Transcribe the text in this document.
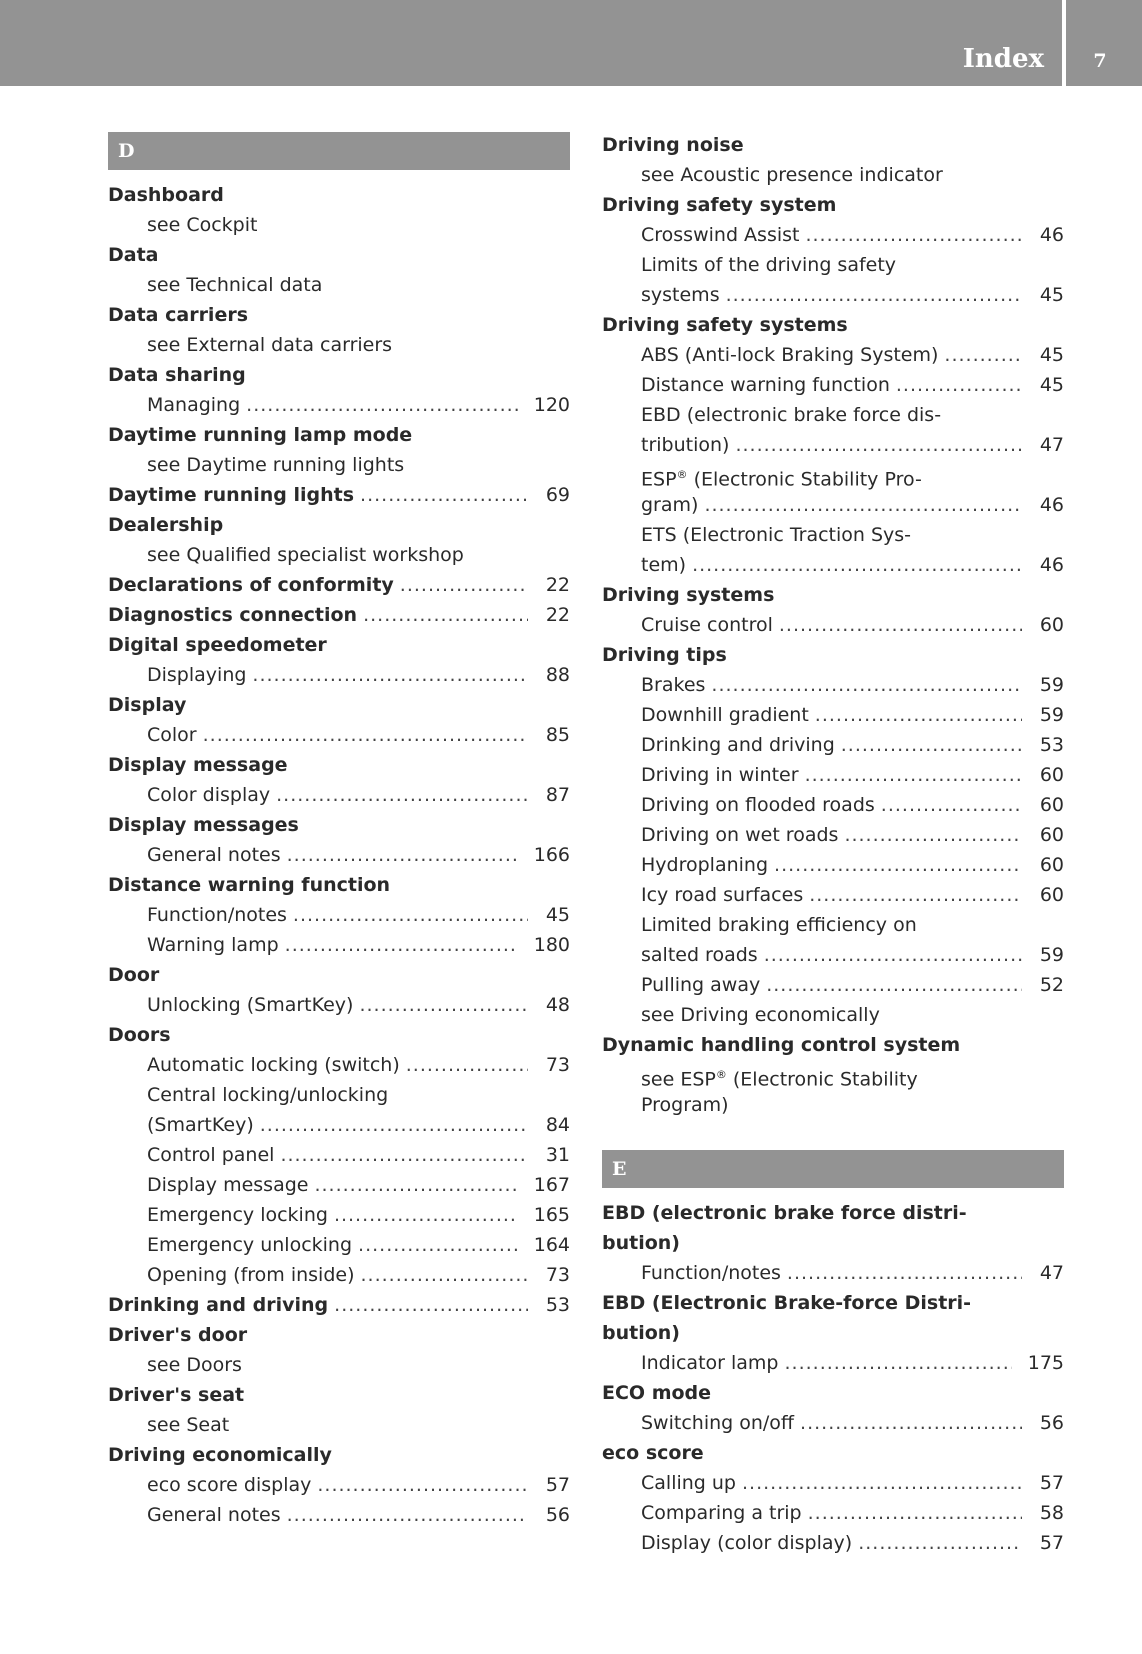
Index	7
D
Dashboard
see Cockpit
Data
see Technical data
Data carriers
see External data carriers
Data sharing
Managing .....	120
Daytime running lamp mode
see Daytime running lights
Daytime running lights .....	69
Dealership
see Qualified specialist workshop
Declarations of conformity .....	22
Diagnostics connection .....	22
Digital speedometer
Displaying .....	88
Display
Color .....	85
Display message
Color display .....	87
Display messages
General notes .....	166
Distance warning function
Function/notes .....	45
Warning lamp .....	180
Door
Unlocking (SmartKey) .....	48
Doors
Automatic locking (switch) .....	73
Central locking/unlocking
(SmartKey) .....	84
Control panel .....	31
Display message .....	167
Emergency locking .....	165
Emergency unlocking .....	164
Opening (from inside) .....	73
Drinking and driving .....	53
Driver's door
see Doors
Driver's seat
see Seat
Driving economically
eco score display .....	57
General notes .....	56
Driving noise
see Acoustic presence indicator
Driving safety system
Crosswind Assist .....	46
Limits of the driving safety
systems .....	45
Driving safety systems
ABS (Anti-lock Braking System) .....	45
Distance warning function .....	45
EBD (electronic brake force dis-
tribution) .....	47
ESP® (Electronic Stability Pro-
gram) .....	46
ETS (Electronic Traction Sys-
tem) .....	46
Driving systems
Cruise control .....	60
Driving tips
Brakes .....	59
Downhill gradient .....	59
Drinking and driving .....	53
Driving in winter .....	60
Driving on flooded roads .....	60
Driving on wet roads .....	60
Hydroplaning .....	60
Icy road surfaces .....	60
Limited braking efficiency on
salted roads .....	59
Pulling away .....	52
see Driving economically
Dynamic handling control system
see ESP® (Electronic Stability
Program)
E
EBD (electronic brake force distri-
bution)
Function/notes .....	47
EBD (Electronic Brake-force Distri-
bution)
Indicator lamp .....	175
ECO mode
Switching on/off .....	56
eco score
Calling up .....	57
Comparing a trip .....	58
Display (color display) .....	57
